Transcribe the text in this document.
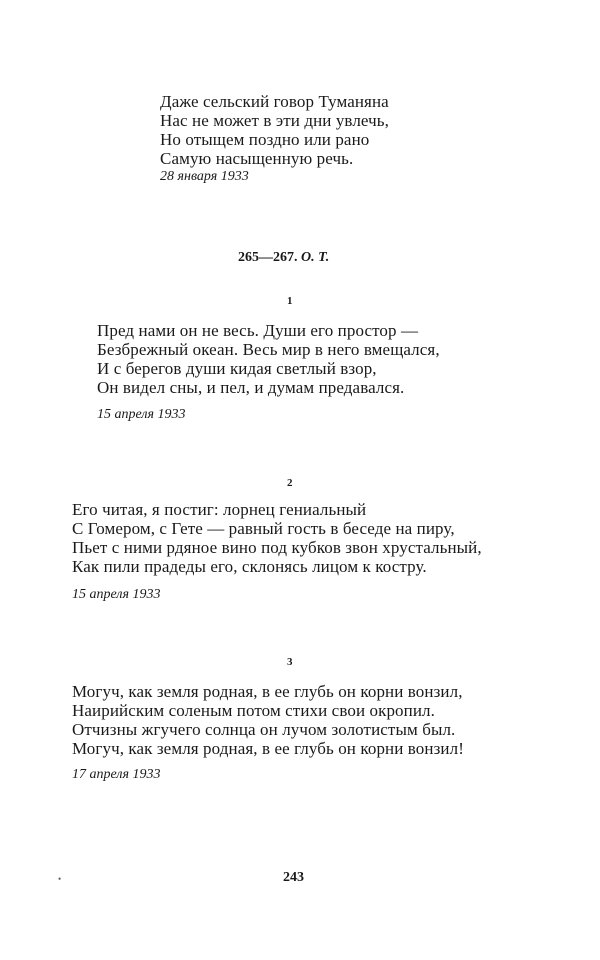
Даже сельский говор Туманяна
Нас не может в эти дни увлечь,
Но отыщем поздно или рано
Самую насыщенную речь.
28 января 1933
265—267. О. Т.
1
Пред нами он не весь. Души его простор —
Безбрежный океан. Весь мир в него вмещался,
И с берегов души кидая светлый взор,
Он видел сны, и пел, и думам предавался.
15 апреля 1933
2
Его читая, я постиг: лорнец гениальный
С Гомером, с Гете — равный гость в беседе на пиру,
Пьет с ними рдяное вино под кубков звон хрустальный,
Как пили прадеды его, склонясь лицом к костру.
15 апреля 1933
3
Могуч, как земля родная, в ее глубь он корни вонзил,
Наирийским соленым потом стихи свои окропил.
Отчизны жгучего солнца он лучом золотистым был.
Могуч, как земля родная, в ее глубь он корни вонзил!
17 апреля 1933
•	243
